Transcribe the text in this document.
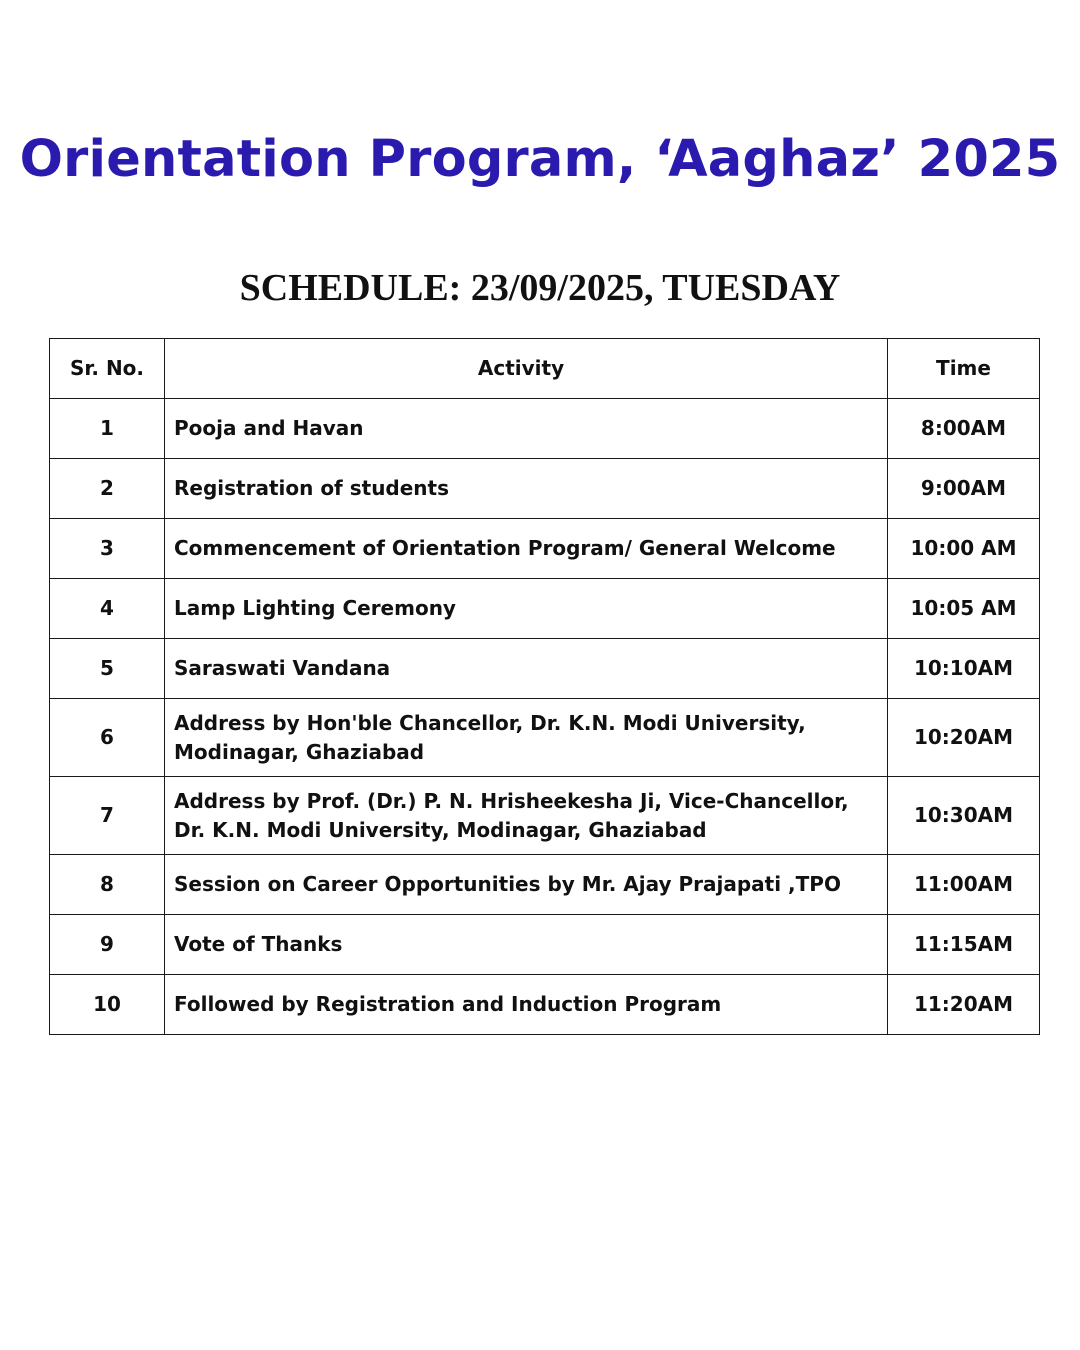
Orientation Program, ‘Aaghaz’ 2025
SCHEDULE: 23/09/2025, TUESDAY
Sr. No.	Activity	Time
1	Pooja and Havan	8:00AM
2	Registration of students	9:00AM
3	Commencement of Orientation Program/ General Welcome	10:00 AM
4	Lamp Lighting Ceremony	10:05 AM
5	Saraswati Vandana	10:10AM
6	Address by Hon'ble Chancellor, Dr. K.N. Modi University, Modinagar, Ghaziabad	10:20AM
7	Address by Prof. (Dr.) P. N. Hrisheekesha Ji, Vice-Chancellor, Dr. K.N. Modi University, Modinagar, Ghaziabad	10:30AM
8	Session on Career Opportunities by Mr. Ajay Prajapati ,TPO	11:00AM
9	Vote of Thanks	11:15AM
10	Followed by Registration and Induction Program	11:20AM
